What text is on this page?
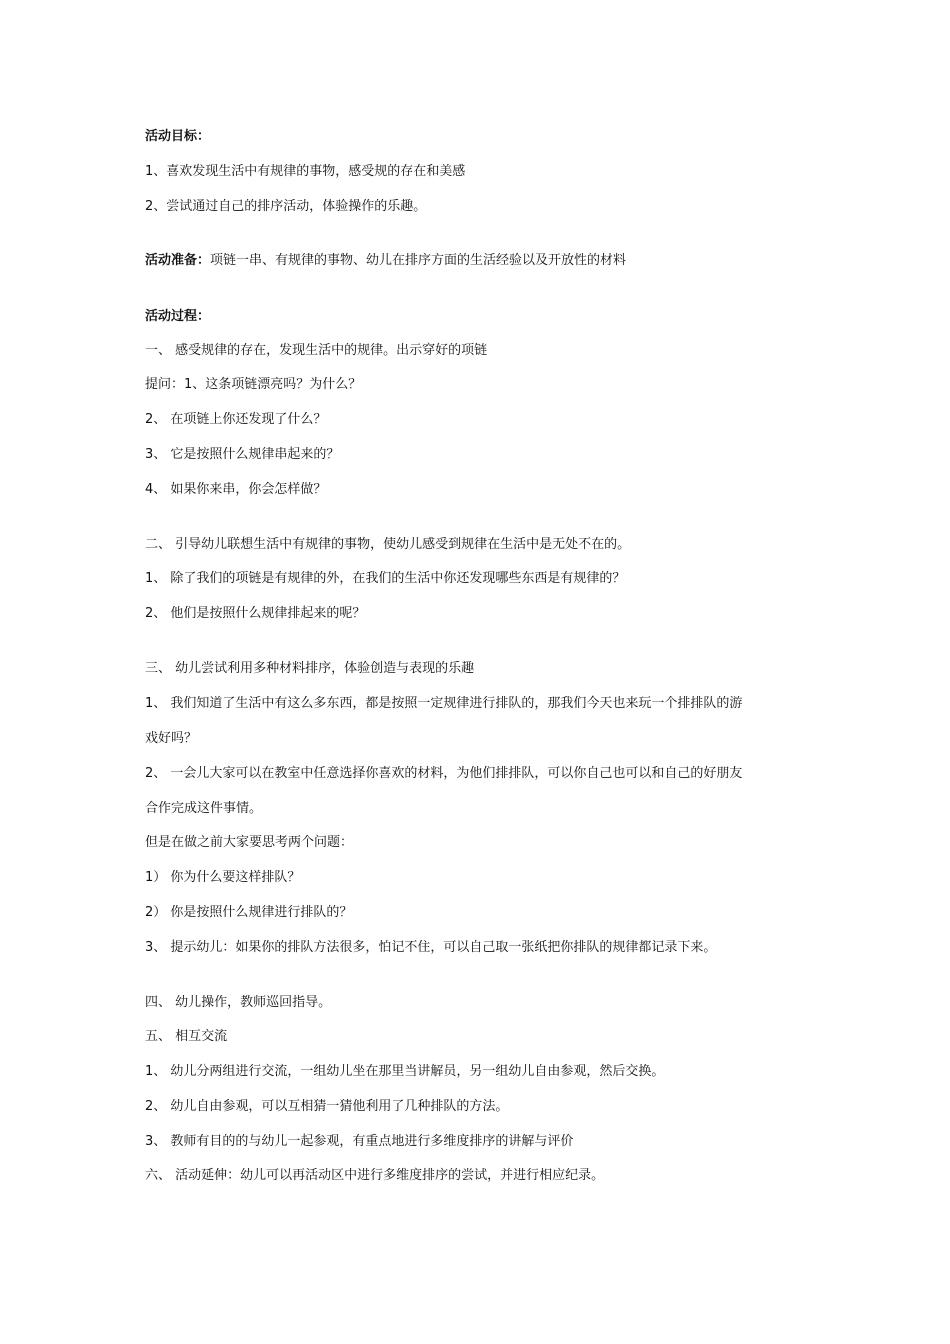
活动目标：
1、喜欢发现生活中有规律的事物，感受规的存在和美感
2、尝试通过自己的排序活动，体验操作的乐趣。
活动准备：项链一串、有规律的事物、幼儿在排序方面的生活经验以及开放性的材料
活动过程：
一、 感受规律的存在，发现生活中的规律。出示穿好的项链
提问：1、这条项链漂亮吗？为什么？
2、 在项链上你还发现了什么？
3、 它是按照什么规律串起来的？
4、 如果你来串，你会怎样做？
二、 引导幼儿联想生活中有规律的事物，使幼儿感受到规律在生活中是无处不在的。
1、 除了我们的项链是有规律的外，在我们的生活中你还发现哪些东西是有规律的？
2、 他们是按照什么规律排起来的呢？
三、 幼儿尝试利用多种材料排序，体验创造与表现的乐趣
1、 我们知道了生活中有这么多东西，都是按照一定规律进行排队的，那我们今天也来玩一个排排队的游
戏好吗？
2、 一会儿大家可以在教室中任意选择你喜欢的材料，为他们排排队，可以你自己也可以和自己的好朋友
合作完成这件事情。
但是在做之前大家要思考两个问题：
1） 你为什么要这样排队？
2） 你是按照什么规律进行排队的？
3、 提示幼儿：如果你的排队方法很多，怕记不住，可以自己取一张纸把你排队的规律都记录下来。
四、 幼儿操作，教师巡回指导。
五、 相互交流
1、 幼儿分两组进行交流，一组幼儿坐在那里当讲解员，另一组幼儿自由参观，然后交换。
2、 幼儿自由参观，可以互相猜一猜他利用了几种排队的方法。
3、 教师有目的的与幼儿一起参观，有重点地进行多维度排序的讲解与评价
六、 活动延伸：幼儿可以再活动区中进行多维度排序的尝试，并进行相应纪录。
